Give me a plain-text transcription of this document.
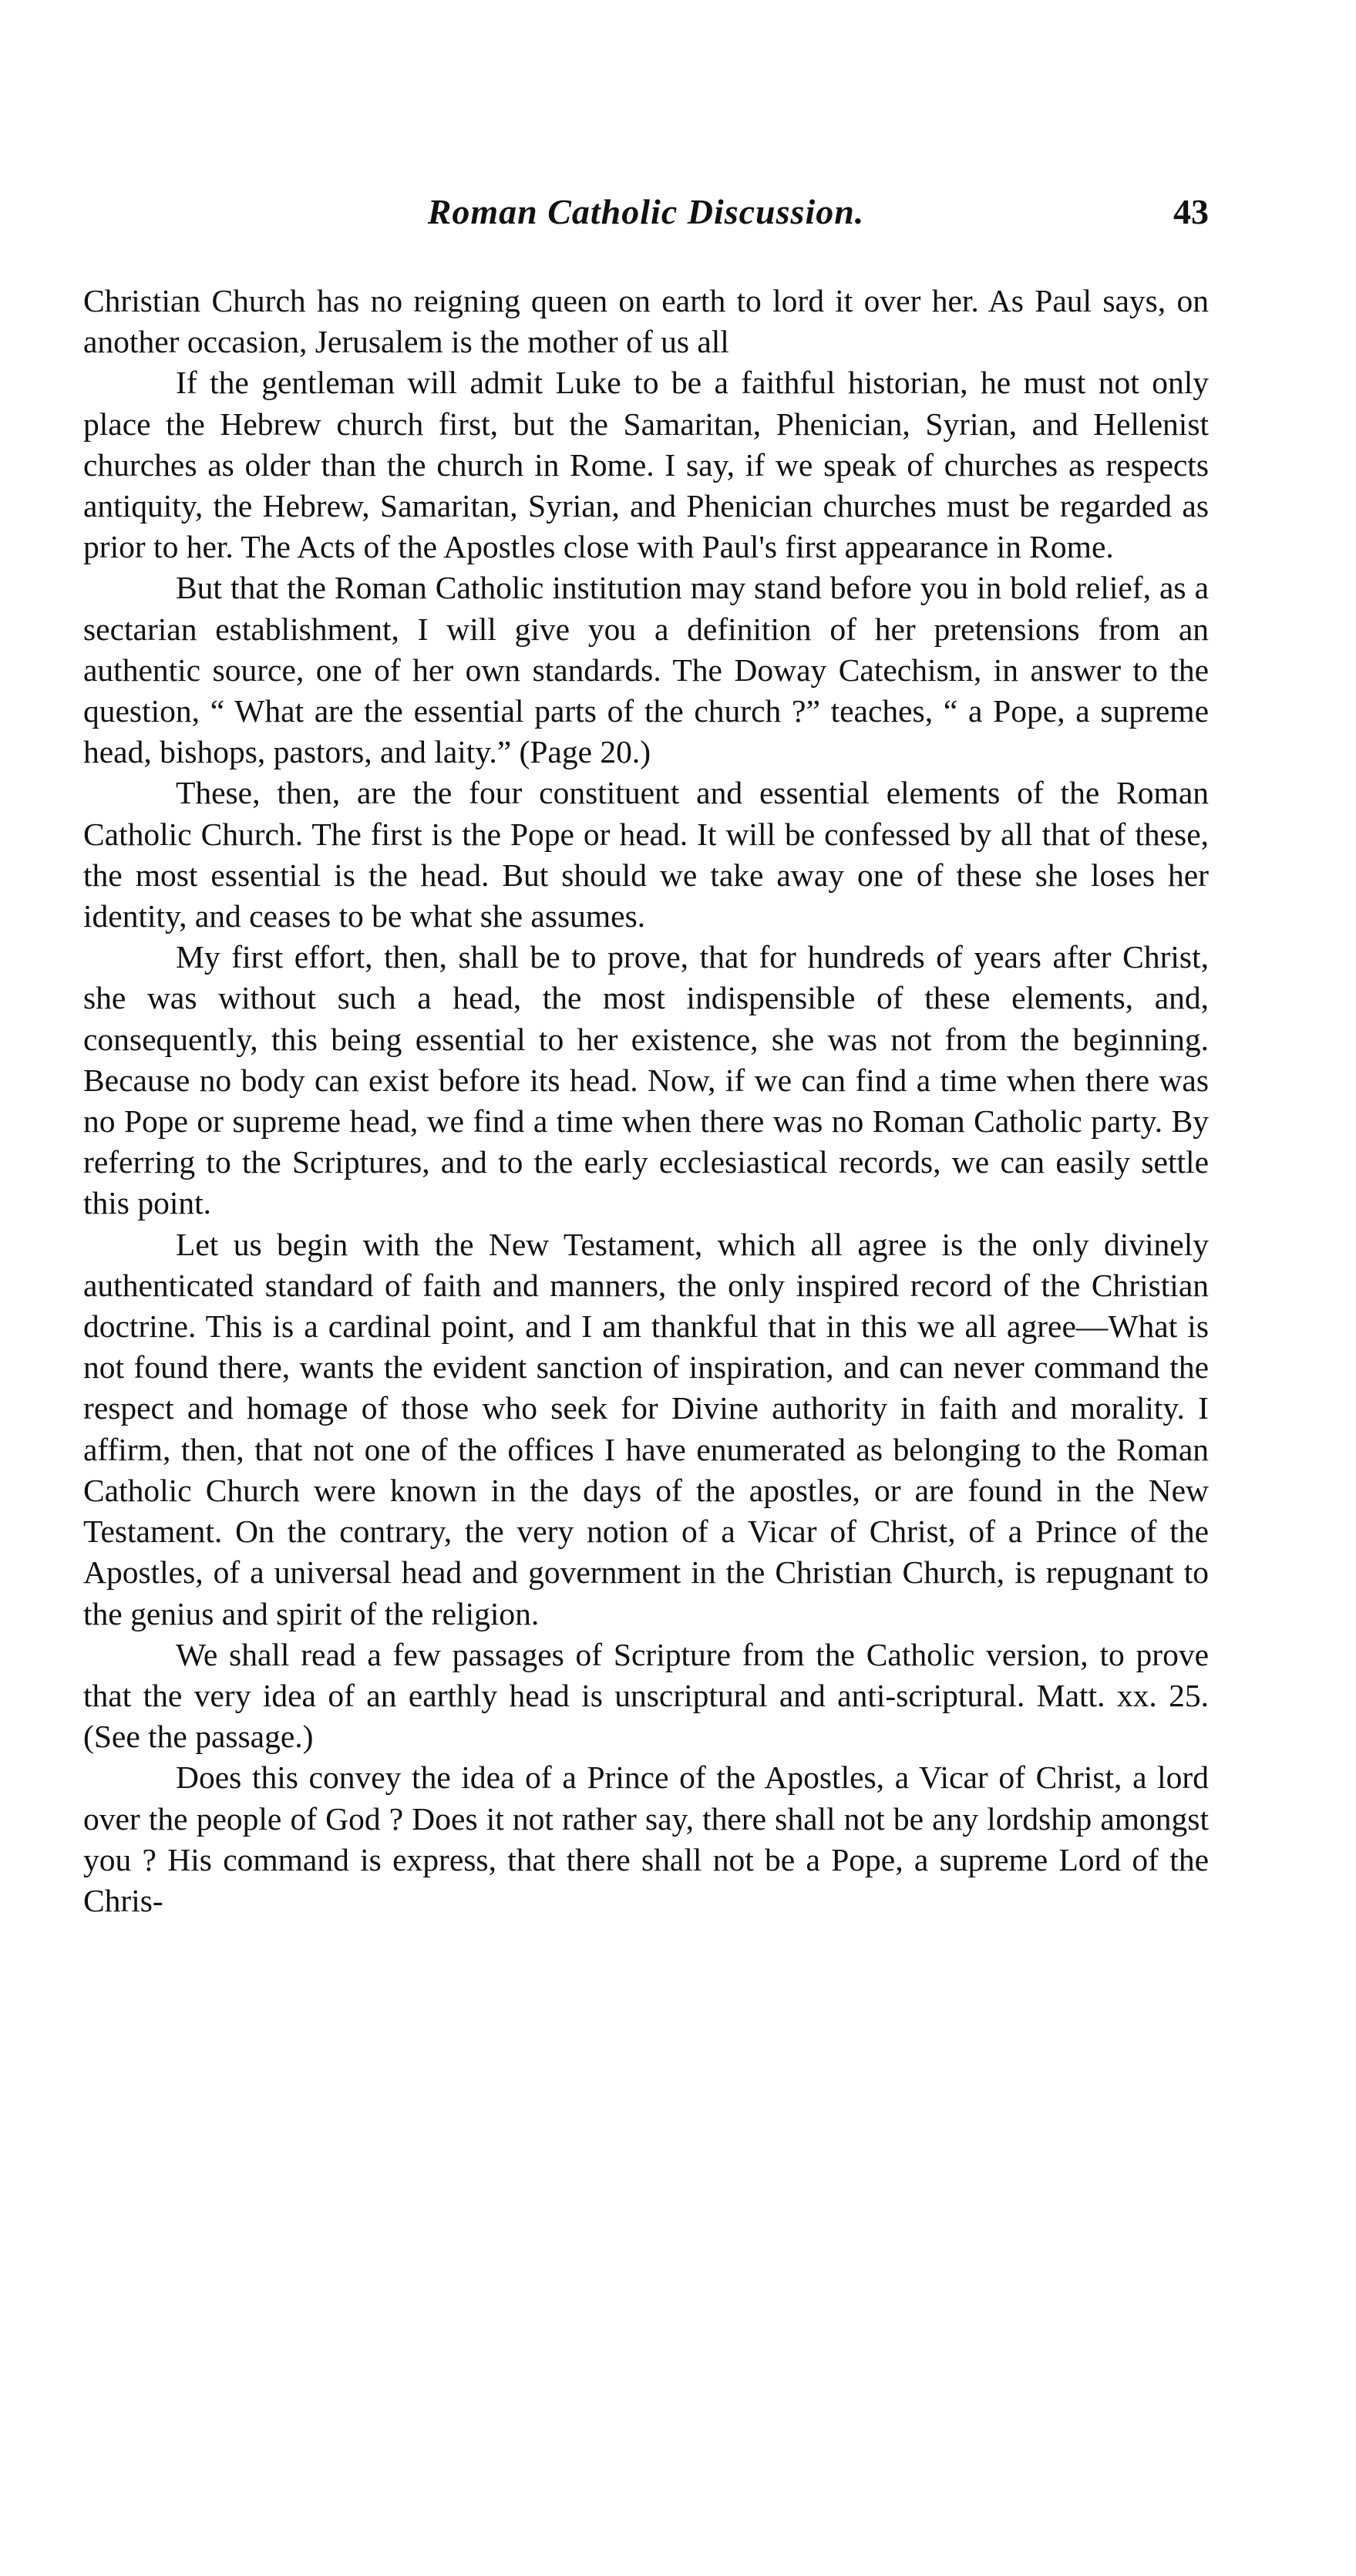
Roman Catholic Discussion.	43

Christian Church has no reigning queen on earth to lord it over her. As Paul says, on another occasion, Jerusalem is the mother of us all

If the gentleman will admit Luke to be a faithful historian, he must not only place the Hebrew church first, but the Samaritan, Phenician, Syrian, and Hellenist churches as older than the church in Rome. I say, if we speak of churches as respects antiquity, the Hebrew, Samaritan, Syrian, and Phenician churches must be regarded as prior to her. The Acts of the Apostles close with Paul's first appearance in Rome.

But that the Roman Catholic institution may stand before you in bold relief, as a sectarian establishment, I will give you a definition of her pretensions from an authentic source, one of her own standards. The Doway Catechism, in answer to the question, “ What are the essential parts of the church ?” teaches, “ a Pope, a supreme head, bishops, pastors, and laity.” (Page 20.)

These, then, are the four constituent and essential elements of the Roman Catholic Church. The first is the Pope or head. It will be confessed by all that of these, the most essential is the head. But should we take away one of these she loses her identity, and ceases to be what she assumes.

My first effort, then, shall be to prove, that for hundreds of years after Christ, she was without such a head, the most indispensible of these elements, and, consequently, this being essential to her existence, she was not from the beginning. Because no body can exist before its head. Now, if we can find a time when there was no Pope or supreme head, we find a time when there was no Roman Catholic party. By referring to the Scriptures, and to the early ecclesiastical records, we can easily settle this point.

Let us begin with the New Testament, which all agree is the only divinely authenticated standard of faith and manners, the only inspired record of the Christian doctrine. This is a cardinal point, and I am thankful that in this we all agree—What is not found there, wants the evident sanction of inspiration, and can never command the respect and homage of those who seek for Divine authority in faith and morality. I affirm, then, that not one of the offices I have enumerated as belonging to the Roman Catholic Church were known in the days of the apostles, or are found in the New Testament. On the contrary, the very notion of a Vicar of Christ, of a Prince of the Apostles, of a universal head and government in the Christian Church, is repugnant to the genius and spirit of the religion.

We shall read a few passages of Scripture from the Catholic version, to prove that the very idea of an earthly head is unscriptural and anti-scriptural. Matt. xx. 25. (See the passage.)

Does this convey the idea of a Prince of the Apostles, a Vicar of Christ, a lord over the people of God ? Does it not rather say, there shall not be any lordship amongst you ? His command is express, that there shall not be a Pope, a supreme Lord of the Chris-
